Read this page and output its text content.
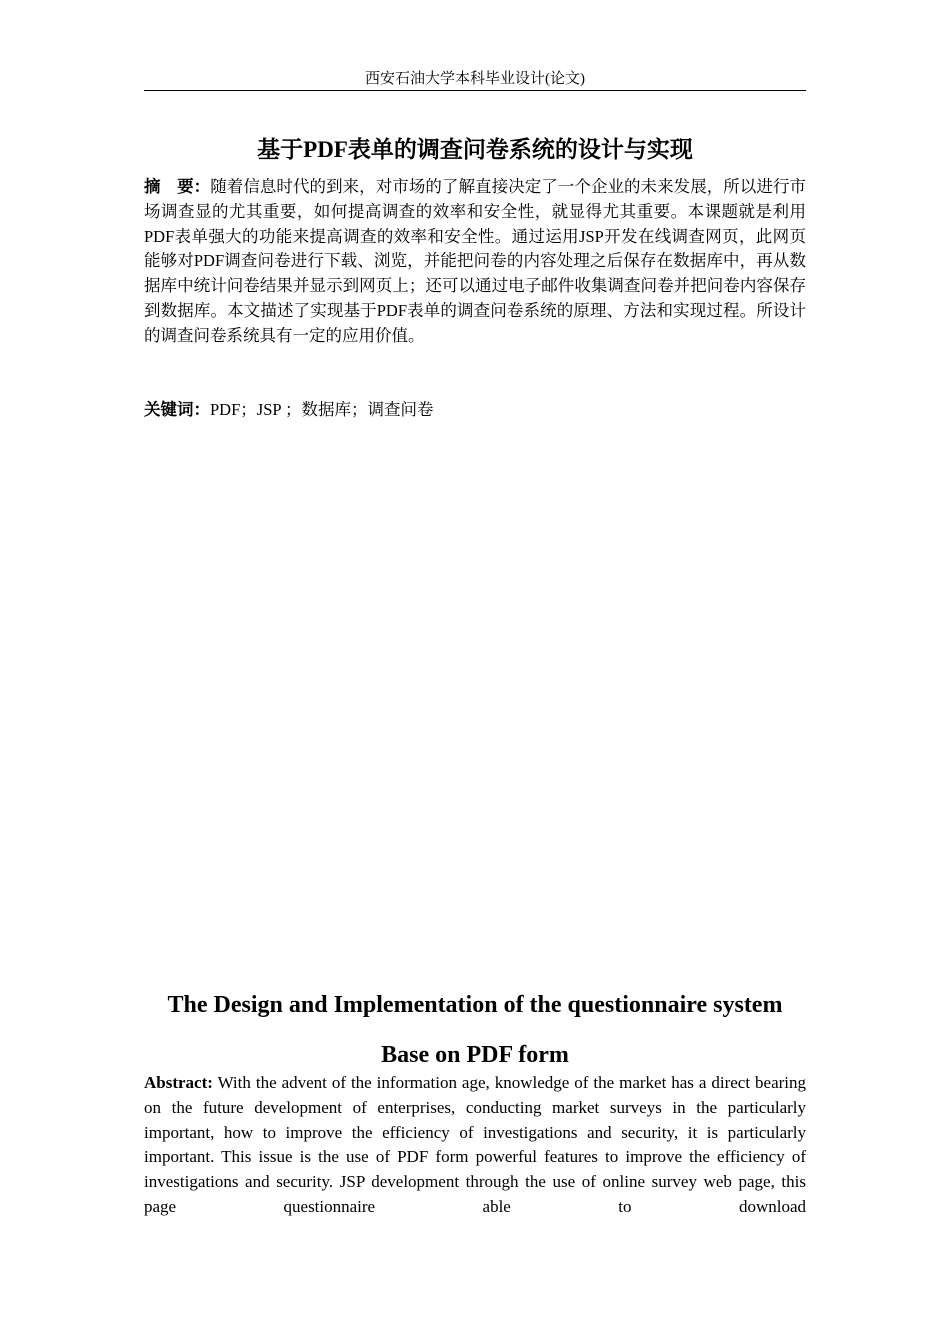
西安石油大学本科毕业设计(论文)
基于PDF表单的调查问卷系统的设计与实现

摘　要：随着信息时代的到来，对市场的了解直接决定了一个企业的未来发展，所以进行市场调查显的尤其重要，如何提高调查的效率和安全性，就显得尤其重要。本课题就是利用PDF表单强大的功能来提高调查的效率和安全性。通过运用JSP开发在线调查网页，此网页能够对PDF调查问卷进行下载、浏览，并能把问卷的内容处理之后保存在数据库中，再从数据库中统计问卷结果并显示到网页上；还可以通过电子邮件收集调查问卷并把问卷内容保存到数据库。本文描述了实现基于PDF表单的调查问卷系统的原理、方法和实现过程。所设计的调查问卷系统具有一定的应用价值。

关键词：PDF；JSP ；数据库；调查问卷

The Design and Implementation of the questionnaire system
Base on PDF form

Abstract: With the advent of the information age, knowledge of the market has a direct bearing on the future development of enterprises, conducting market surveys in the particularly important, how to improve the efficiency of investigations and security, it is particularly important. This issue is the use of PDF form powerful features to improve the efficiency of investigations and security. JSP development through the use of online survey web page, this page questionnaire able to download
